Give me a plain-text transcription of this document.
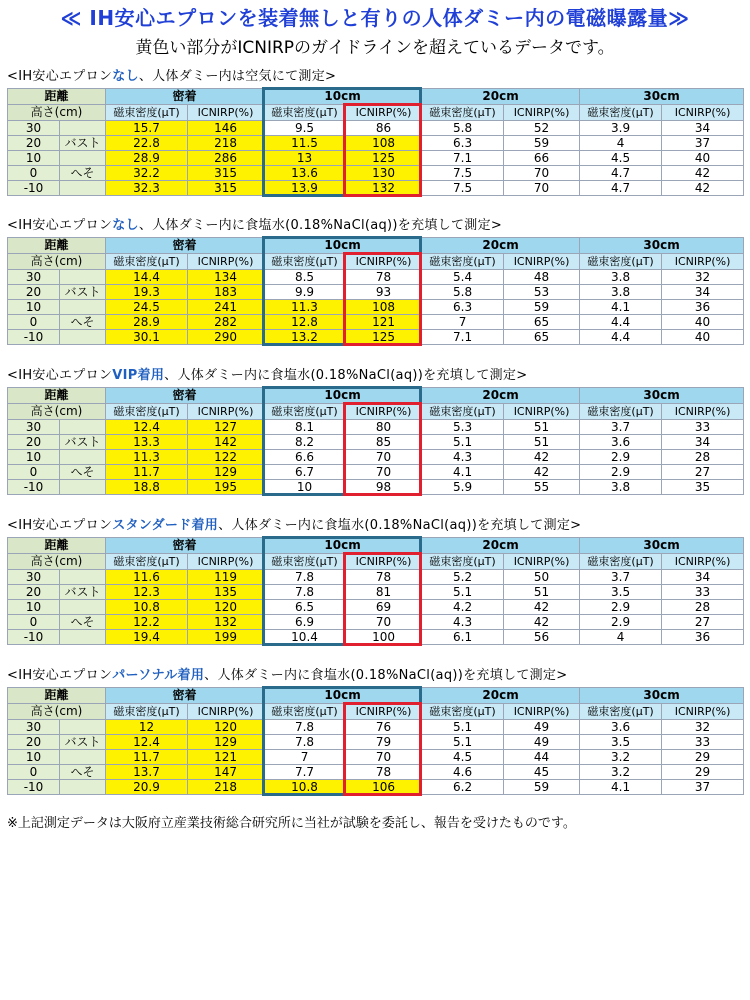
≪ IH安心エプロンを装着無しと有りの人体ダミー内の電磁曝露量≫
黄色い部分がICNIRPのガイドラインを超えているデータです。
<IH安心エプロンなし、人体ダミー内は空気にて測定>
距離		密着		10cm		20cm		30cm	
高さ(cm)		磁束密度(μT)	ICNIRP(%)	磁束密度(μT)	ICNIRP(%)	磁束密度(μT)	ICNIRP(%)	磁束密度(μT)	ICNIRP(%)
30		15.7	146	9.5	86	5.8	52	3.9	34
20	バスト	22.8	218	11.5	108	6.3	59	4	37
10		28.9	286	13	125	7.1	66	4.5	40
0	へそ	32.2	315	13.6	130	7.5	70	4.7	42
-10		32.3	315	13.9	132	7.5	70	4.7	42
<IH安心エプロンなし、人体ダミー内に食塩水(0.18%NaCl(aq))を充填して測定>
距離		密着		10cm		20cm		30cm	
高さ(cm)		磁束密度(μT)	ICNIRP(%)	磁束密度(μT)	ICNIRP(%)	磁束密度(μT)	ICNIRP(%)	磁束密度(μT)	ICNIRP(%)
30		14.4	134	8.5	78	5.4	48	3.8	32
20	バスト	19.3	183	9.9	93	5.8	53	3.8	34
10		24.5	241	11.3	108	6.3	59	4.1	36
0	へそ	28.9	282	12.8	121	7	65	4.4	40
-10		30.1	290	13.2	125	7.1	65	4.4	40
<IH安心エプロンVIP着用、人体ダミー内に食塩水(0.18%NaCl(aq))を充填して測定>
距離		密着		10cm		20cm		30cm	
高さ(cm)		磁束密度(μT)	ICNIRP(%)	磁束密度(μT)	ICNIRP(%)	磁束密度(μT)	ICNIRP(%)	磁束密度(μT)	ICNIRP(%)
30		12.4	127	8.1	80	5.3	51	3.7	33
20	バスト	13.3	142	8.2	85	5.1	51	3.6	34
10		11.3	122	6.6	70	4.3	42	2.9	28
0	へそ	11.7	129	6.7	70	4.1	42	2.9	27
-10		18.8	195	10	98	5.9	55	3.8	35
<IH安心エプロンスタンダード着用、人体ダミー内に食塩水(0.18%NaCl(aq))を充填して測定>
距離		密着		10cm		20cm		30cm	
高さ(cm)		磁束密度(μT)	ICNIRP(%)	磁束密度(μT)	ICNIRP(%)	磁束密度(μT)	ICNIRP(%)	磁束密度(μT)	ICNIRP(%)
30		11.6	119	7.8	78	5.2	50	3.7	34
20	バスト	12.3	135	7.8	81	5.1	51	3.5	33
10		10.8	120	6.5	69	4.2	42	2.9	28
0	へそ	12.2	132	6.9	70	4.3	42	2.9	27
-10		19.4	199	10.4	100	6.1	56	4	36
<IH安心エプロンパーソナル着用、人体ダミー内に食塩水(0.18%NaCl(aq))を充填して測定>
距離		密着		10cm		20cm		30cm	
高さ(cm)		磁束密度(μT)	ICNIRP(%)	磁束密度(μT)	ICNIRP(%)	磁束密度(μT)	ICNIRP(%)	磁束密度(μT)	ICNIRP(%)
30		12	120	7.8	76	5.1	49	3.6	32
20	バスト	12.4	129	7.8	79	5.1	49	3.5	33
10		11.7	121	7	70	4.5	44	3.2	29
0	へそ	13.7	147	7.7	78	4.6	45	3.2	29
-10		20.9	218	10.8	106	6.2	59	4.1	37
※上記測定データは大阪府立産業技術総合研究所に当社が試験を委託し、報告を受けたものです。
